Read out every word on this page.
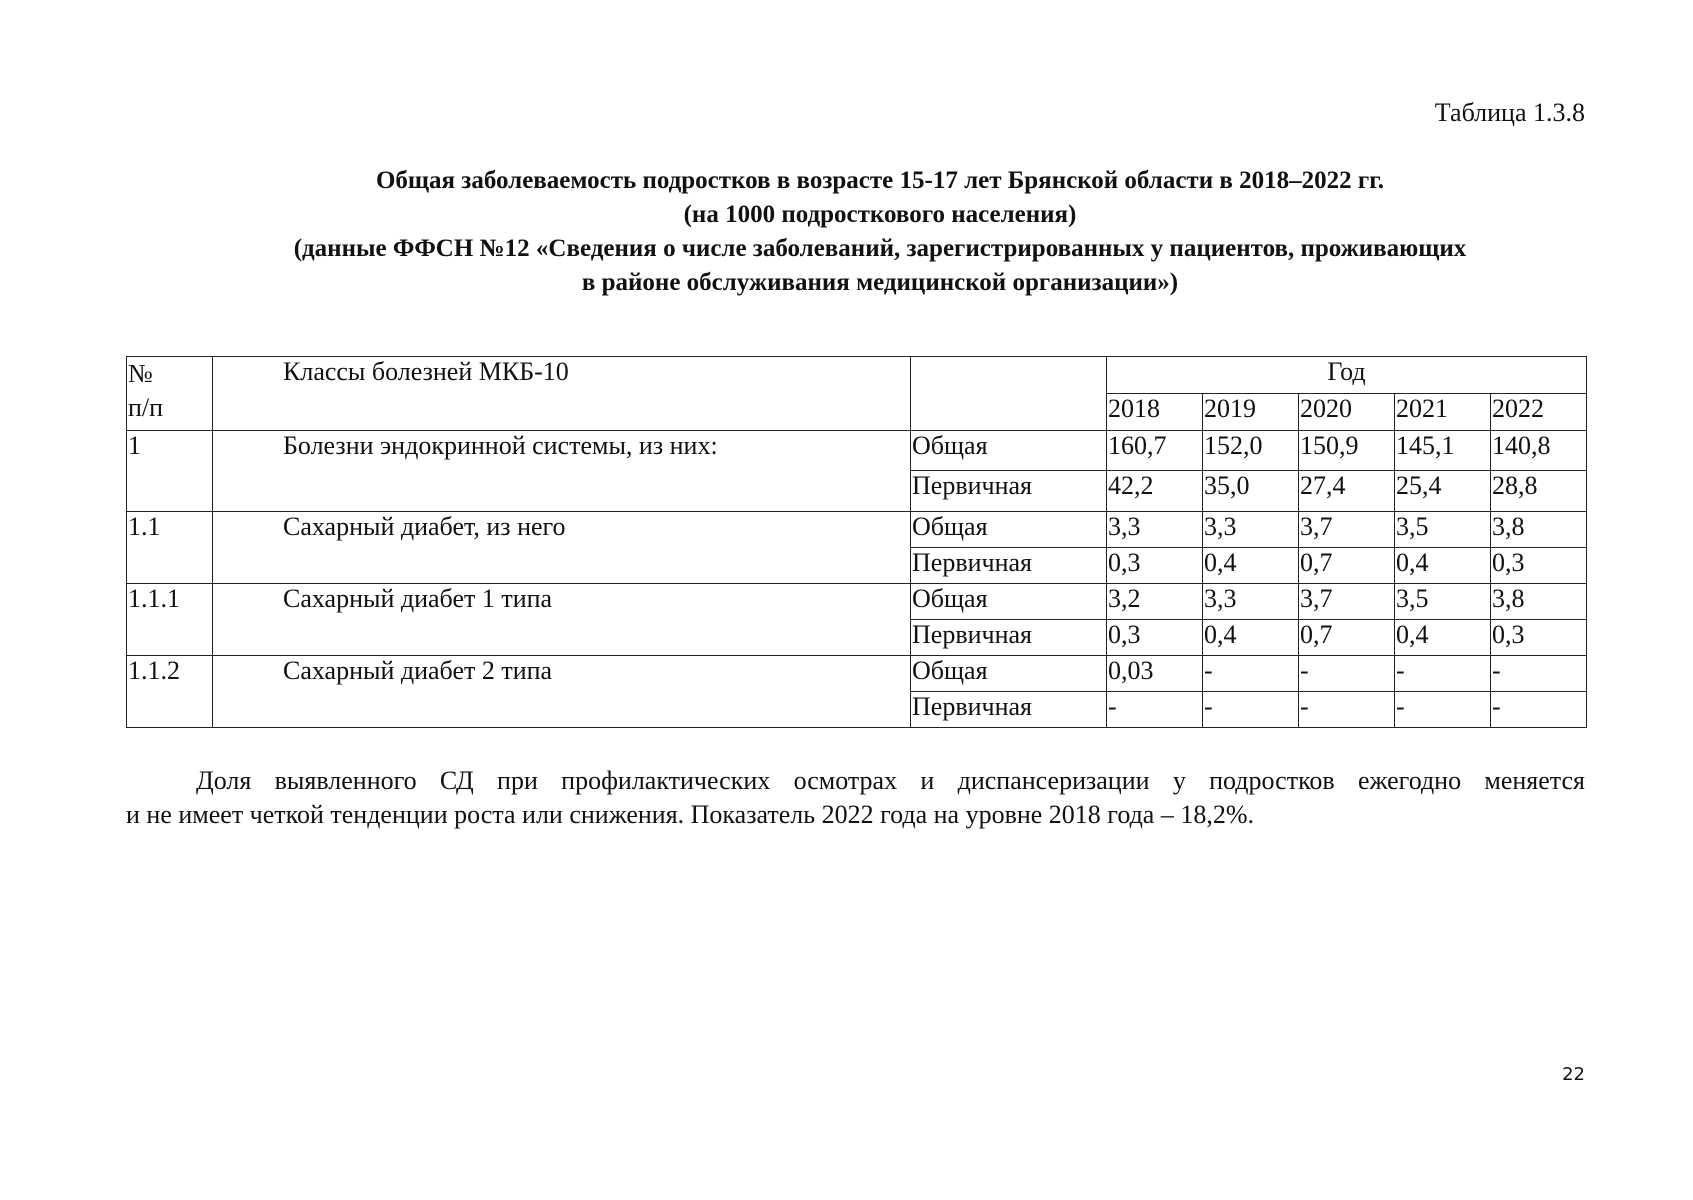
Таблица 1.3.8
Общая заболеваемость подростков в возрасте 15-17 лет Брянской области в 2018–2022 гг.
(на 1000 подросткового населения)
(данные ФФСН №12 «Сведения о числе заболеваний, зарегистрированных у пациентов, проживающих
в районе обслуживания медицинской организации»)
№
п/п	Классы болезней МКБ-10		Год				
			2018	2019	2020	2021	2022
1	Болезни эндокринной системы, из них:	Общая	160,7	152,0	150,9	145,1	140,8
		Первичная	42,2	35,0	27,4	25,4	28,8
1.1	Сахарный диабет, из него	Общая	3,3	3,3	3,7	3,5	3,8
		Первичная	0,3	0,4	0,7	0,4	0,3
1.1.1	Сахарный диабет 1 типа	Общая	3,2	3,3	3,7	3,5	3,8
		Первичная	0,3	0,4	0,7	0,4	0,3
1.1.2	Сахарный диабет 2 типа	Общая	0,03	-	-	-	-
		Первичная	-	-	-	-	-
Доля выявленного СД при профилактических осмотрах и диспансеризации у подростков ежегодно меняется
и не имеет четкой тенденции роста или снижения. Показатель 2022 года на уровне 2018 года – 18,2%.
22
